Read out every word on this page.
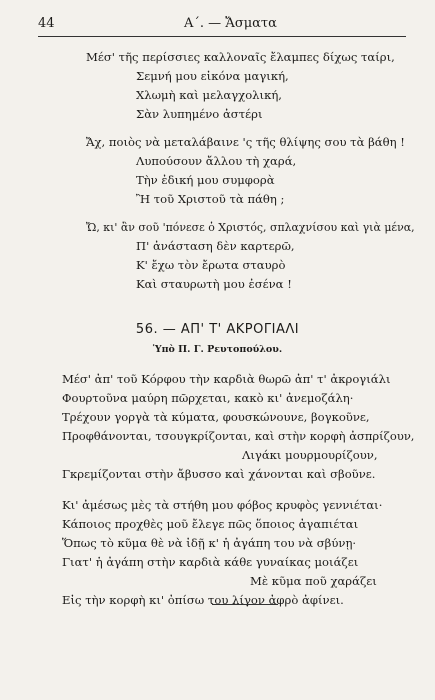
44	Α΄. — Ἄσματα
Μέσ' τῆς περίσσιες καλλοναῖς ἔλαμπες δίχως ταίρι,
Σεμνή μου εἰκόνα μαγική,
Χλωμὴ καὶ μελαγχολική,
Σὰν λυπημένο ἀστέρι
Ἄχ, ποιὸς νὰ μεταλάβαινε 'ς τῆς θλίψης σου τὰ βάθη !
Λυπούσουν ἄλλου τὴ χαρά,
Τὴν ἐδική μου συμφορὰ
Ἢ τοῦ Χριστοῦ τὰ πάθη ;
Ὤ, κι' ἂν σοῦ 'πόνεσε ὁ Χριστός, σπλαχνίσου καὶ γιὰ μένα,
Π' ἀνάσταση δὲν καρτερῶ,
Κ' ἔχω τὸν ἔρωτα σταυρὸ
Καὶ σταυρωτὴ μου ἐσένα !
56. — ΑΠ' Τ' ΑΚΡΟΓΙΑΛΙ
Ὑπὸ Π. Γ. Ρευτοπούλου.
Μέσ' ἀπ' τοῦ Κόρφου τὴν καρδιὰ θωρῶ ἀπ' τ' ἀκρογιάλι
Φουρτοῦνα μαύρη πῶρχεται, κακὸ κι' ἀνεμοζάλη·
Τρέχουν γοργὰ τὰ κύματα, φουσκώνουνε, βογκοῦνε,
Προφθάνονται, τσουγκρίζονται, καὶ στὴν κορφὴ ἀσπρίζουν,
Λιγάκι μουρμουρίζουν,
Γκρεμίζονται στὴν ἄβυσσο καὶ χάνονται καὶ σβοῦνε.
Κι' ἀμέσως μὲς τὰ στήθη μου φόβος κρυφὸς γεννιέται·
Κάποιος προχθὲς μοῦ ἔλεγε πῶς ὅποιος ἀγαπιέται
Ὅπως τὸ κῦμα θὲ νὰ ἰδῇ κ' ἡ ἀγάπη του νὰ σβύνῃ·
Γιατ' ἡ ἀγάπη στὴν καρδιὰ κάθε γυναίκας μοιάζει
Μὲ κῦμα ποῦ χαράζει
Εἰς τὴν κορφὴ κι' ὀπίσω του λίγον ἀφρὸ ἀφίνει.
